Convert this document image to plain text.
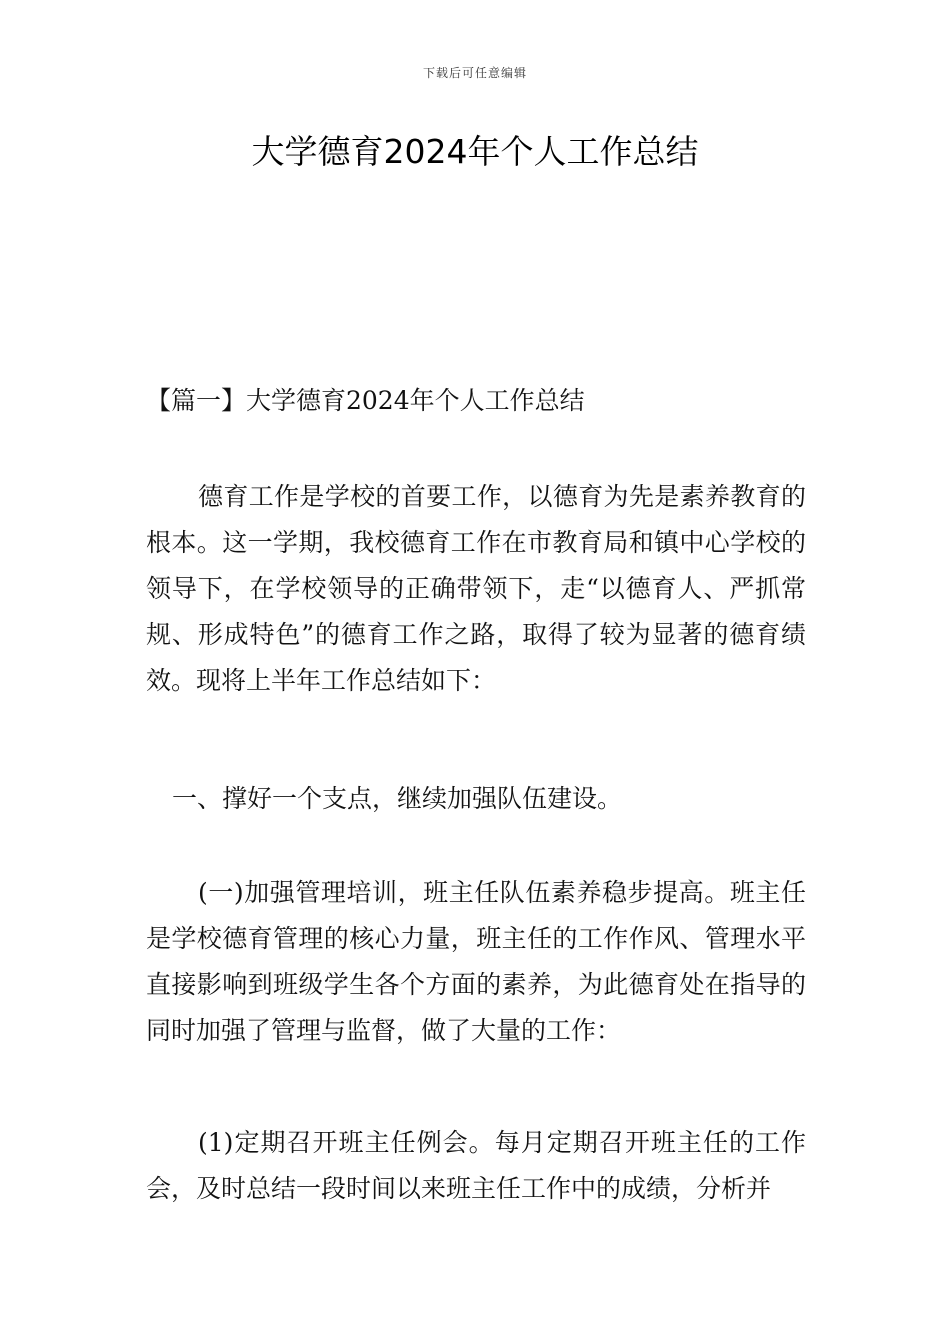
下载后可任意编辑
大学德育2024年个人工作总结

【篇一】大学德育2024年个人工作总结

德育工作是学校的首要工作，以德育为先是素养教育的根本。这一学期，我校德育工作在市教育局和镇中心学校的领导下，在学校领导的正确带领下，走“以德育人、严抓常规、形成特色”的德育工作之路，取得了较为显著的德育绩效。现将上半年工作总结如下：

一、撑好一个支点，继续加强队伍建设。

(一)加强管理培训，班主任队伍素养稳步提高。班主任是学校德育管理的核心力量，班主任的工作作风、管理水平直接影响到班级学生各个方面的素养，为此德育处在指导的同时加强了管理与监督，做了大量的工作：

(1)定期召开班主任例会。每月定期召开班主任的工作会，及时总结一段时间以来班主任工作中的成绩，分析并
